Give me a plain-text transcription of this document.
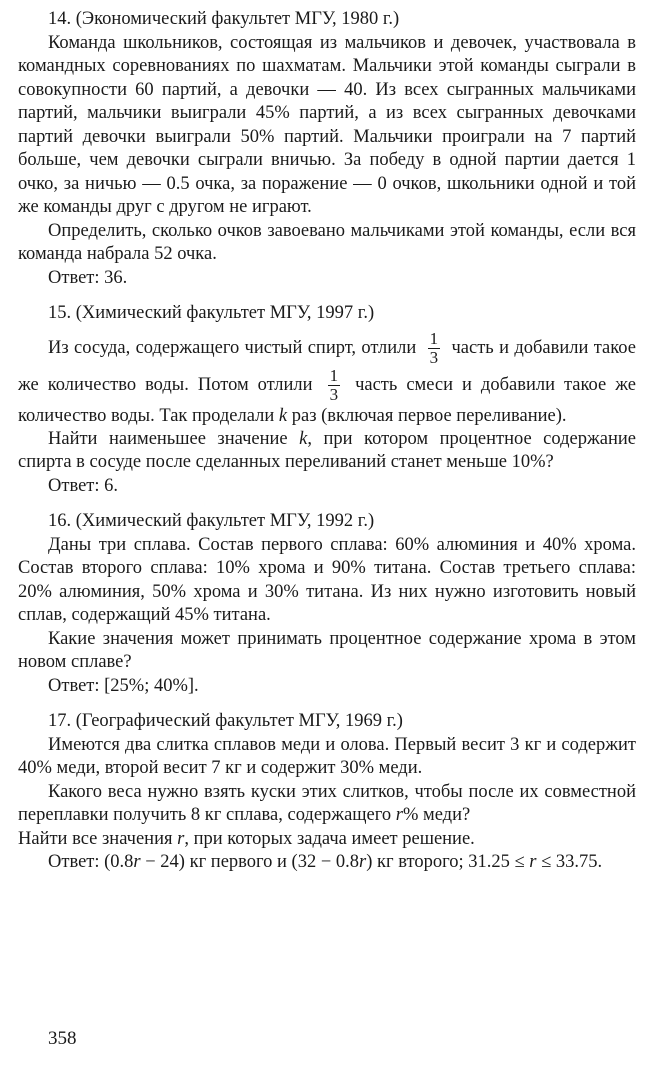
14. (Экономический факультет МГУ, 1980 г.)

Команда школьников, состоящая из мальчиков и девочек, участвовала в командных соревнованиях по шахматам. Мальчики этой команды сыграли в совокупности 60 партий, а девочки — 40. Из всех сыгранных мальчиками партий, мальчики выиграли 45% партий, а из всех сыгранных девочками партий девочки выиграли 50% партий. Мальчики проиграли на 7 партий больше, чем девочки сыграли вничью. За победу в одной партии дается 1 очко, за ничью — 0.5 очка, за поражение — 0 очков, школьники одной и той же команды друг с другом не играют.

Определить, сколько очков завоевано мальчиками этой команды, если вся команда набрала 52 очка.

Ответ: 36.

15. (Химический факультет МГУ, 1997 г.)

Из сосуда, содержащего чистый спирт, отлили $\frac{1}{3}$ часть и добавили такое же количество воды. Потом отлили $\frac{1}{3}$ часть смеси и добавили такое же количество воды. Так проделали k раз (включая первое переливание).

Найти наименьшее значение k, при котором процентное содержание спирта в сосуде после сделанных переливаний станет меньше 10%?

Ответ: 6.

16. (Химический факультет МГУ, 1992 г.)

Даны три сплава. Состав первого сплава: 60% алюминия и 40% хрома. Состав второго сплава: 10% хрома и 90% титана. Состав третьего сплава: 20% алюминия, 50% хрома и 30% титана. Из них нужно изготовить новый сплав, содержащий 45% титана.

Какие значения может принимать процентное содержание хрома в этом новом сплаве?

Ответ: [25%; 40%].

17. (Географический факультет МГУ, 1969 г.)

Имеются два слитка сплавов меди и олова. Первый весит 3 кг и содержит 40% меди, второй весит 7 кг и содержит 30% меди.

Какого веса нужно взять куски этих слитков, чтобы после их совместной переплавки получить 8 кг сплава, содержащего r% меди?

Найти все значения r, при которых задача имеет решение.

Ответ: (0.8r − 24) кг первого и (32 − 0.8r) кг второго; 31.25 ≤ r ≤ 33.75.

358
